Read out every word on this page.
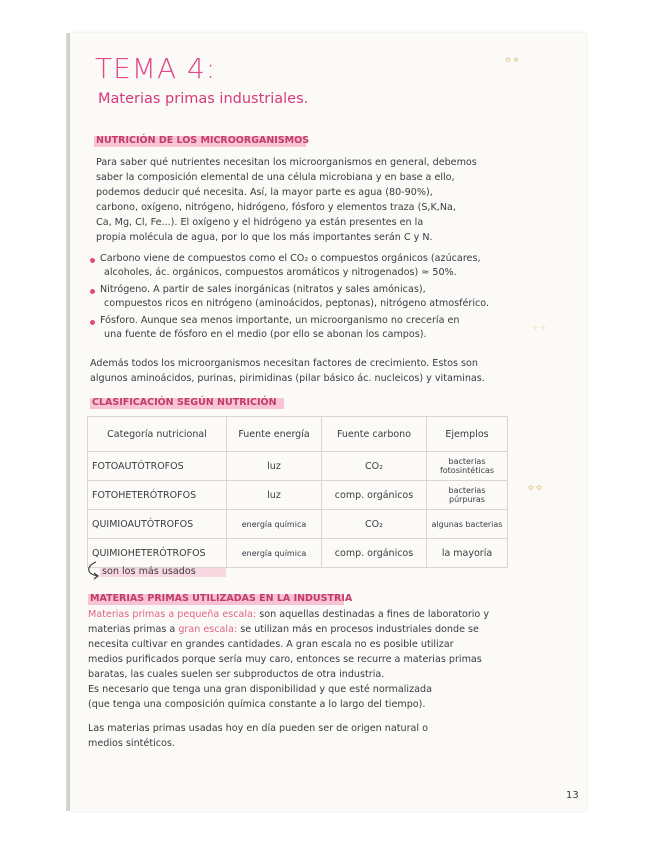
TEMA 4:
Materias primas industriales.
✿ ❀
NUTRICIÓN DE LOS MICROORGANISMOS
Para saber qué nutrientes necesitan los microorganismos en general, debemos
saber la composición elemental de una célula microbiana y en base a ello,
podemos deducir qué necesita. Así, la mayor parte es agua (80-90%),
carbono, oxígeno, nitrógeno, hidrógeno, fósforo y elementos traza (S,K,Na,
Ca, Mg, Cl, Fe...). El oxígeno y el hidrógeno ya están presentes en la
propia molécula de agua, por lo que los más importantes serán C y N.
Carbono viene de compuestos como el CO₂ o compuestos orgánicos (azúcares,
alcoholes, ác. orgánicos, compuestos aromáticos y nitrogenados) ≈ 50%.
Nitrógeno. A partir de sales inorgánicas (nitratos y sales amónicas),
compuestos ricos en nitrógeno (aminoácidos, peptonas), nitrógeno atmosférico.
Fósforo. Aunque sea menos importante, un microorganismo no crecería en
una fuente de fósforo en el medio (por ello se abonan los campos).
✧ ✧
Además todos los microorganismos necesitan factores de crecimiento. Estos son
algunos aminoácidos, purinas, pirimidinas (pilar básico ác. nucleicos) y vitaminas.
CLASIFICACIÓN SEGÚN NUTRICIÓN
Categoría nutricional	Fuente energía	Fuente carbono	Ejemplos
FOTOAUTÓTROFOS	luz	CO₂	bacterias fotosintéticas
FOTOHETERÓTROFOS	luz	comp. orgánicos	bacterias púrpuras
QUIMIOAUTÓTROFOS	energía química	CO₂	algunas bacterias
QUIMIOHETERÓTROFOS	energía química	comp. orgánicos	la mayoría
✿ ✿
son los más usados
MATERIAS PRIMAS UTILIZADAS EN LA INDUSTRIA
Materias primas a pequeña escala: son aquellas destinadas a fines de laboratorio y
materias primas a gran escala: se utilizan más en procesos industriales donde se
necesita cultivar en grandes cantidades. A gran escala no es posible utilizar
medios purificados porque sería muy caro, entonces se recurre a materias primas
baratas, las cuales suelen ser subproductos de otra industria.
Es necesario que tenga una gran disponibilidad y que esté normalizada
(que tenga una composición química constante a lo largo del tiempo).
Las materias primas usadas hoy en día pueden ser de origen natural o
medios sintéticos.
13
